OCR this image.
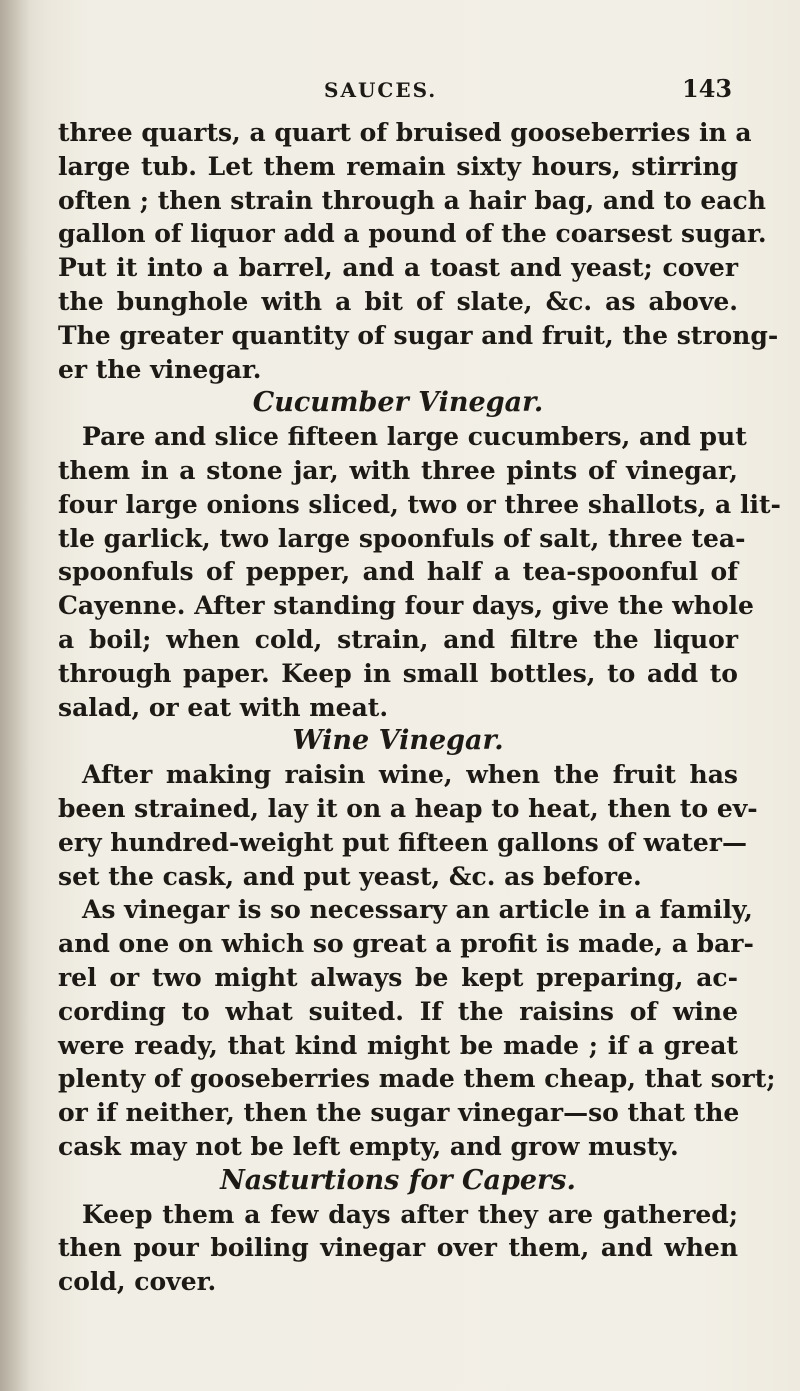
SAUCES.	143
three quarts, a quart of bruised gooseberries in a
large tub. Let them remain sixty hours, stirring
often ; then strain through a hair bag, and to each
gallon of liquor add a pound of the coarsest sugar.
Put it into a barrel, and a toast and yeast; cover
the bunghole with a bit of slate, &c. as above.
The greater quantity of sugar and fruit, the strong-
er the vinegar.
Cucumber Vinegar.
Pare and slice fifteen large cucumbers, and put
them in a stone jar, with three pints of vinegar,
four large onions sliced, two or three shallots, a lit-
tle garlick, two large spoonfuls of salt, three tea-
spoonfuls of pepper, and half a tea-spoonful of
Cayenne. After standing four days, give the whole
a boil; when cold, strain, and filtre the liquor
through paper. Keep in small bottles, to add to
salad, or eat with meat.
Wine Vinegar.
After making raisin wine, when the fruit has
been strained, lay it on a heap to heat, then to ev-
ery hundred-weight put fifteen gallons of water—
set the cask, and put yeast, &c. as before.
As vinegar is so necessary an article in a family,
and one on which so great a profit is made, a bar-
rel or two might always be kept preparing, ac-
cording to what suited. If the raisins of wine
were ready, that kind might be made ; if a great
plenty of gooseberries made them cheap, that sort;
or if neither, then the sugar vinegar—so that the
cask may not be left empty, and grow musty.
Nasturtions for Capers.
Keep them a few days after they are gathered;
then pour boiling vinegar over them, and when
cold, cover.
